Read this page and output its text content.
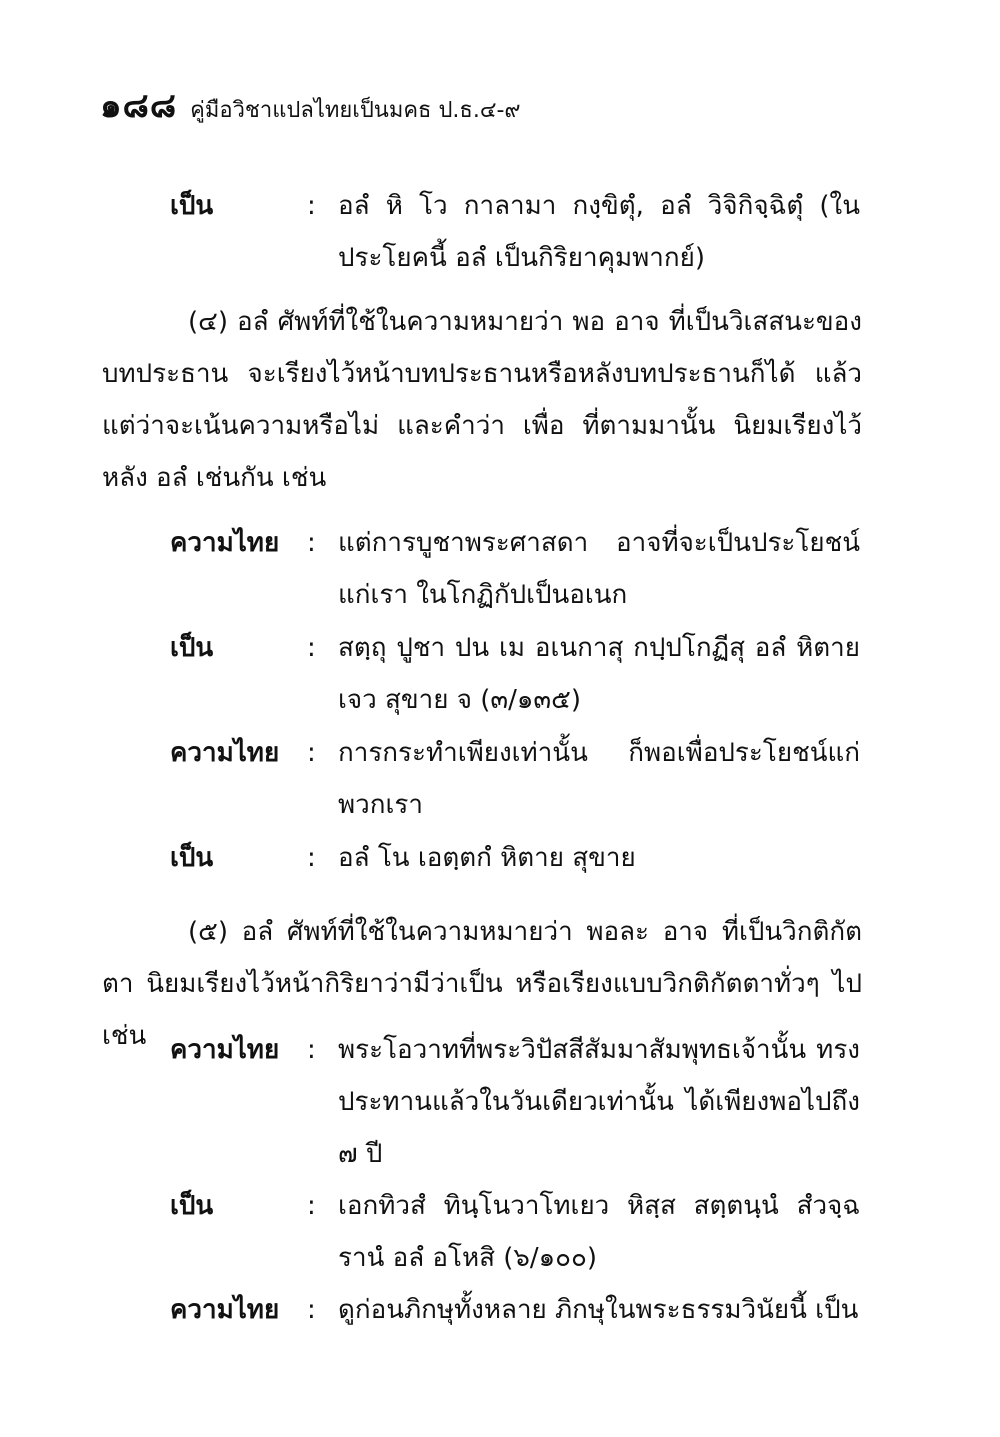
๑๘๘ คู่มือวิชาแปลไทยเป็นมคธ ป.ธ.๔-๙
เป็น	: อลํ หิ โว กาลามา กงฺขิตุํ, อลํ วิจิกิจฺฉิตุํ (ในประโยคนี้ อลํ เป็นกิริยาคุมพากย์)
(๔) อลํ ศัพท์ที่ใช้ในความหมายว่า พอ อาจ ที่เป็นวิเสสนะของบทประธาน จะเรียงไว้หน้าบทประธานหรือหลังบทประธานก็ได้ แล้วแต่ว่าจะเน้นความหรือไม่ และคำว่า เพื่อ ที่ตามมานั้น นิยมเรียงไว้หลัง อลํ เช่นกัน เช่น
ความไทย	: แต่การบูชาพระศาสดา อาจที่จะเป็นประโยชน์แก่เรา ในโกฏิกัปเป็นอเนก
เป็น	: สตฺถุ ปูชา ปน เม อเนกาสุ กปฺปโกฏีสุ อลํ หิตาย เจว สุขาย จ (๓/๑๓๕)
ความไทย	: การกระทำเพียงเท่านั้น ก็พอเพื่อประโยชน์แก่พวกเรา
เป็น	: อลํ โน เอตฺตกํ หิตาย สุขาย
(๕) อลํ ศัพท์ที่ใช้ในความหมายว่า พอละ อาจ ที่เป็นวิกติกัตตา นิยมเรียงไว้หน้ากิริยาว่ามีว่าเป็น หรือเรียงแบบวิกติกัตตาทั่วๆ ไป เช่น ความไทย	: พระโอวาทที่พระวิปัสสีสัมมาสัมพุทธเจ้านั้น ทรงประทานแล้วในวันเดียวเท่านั้น ได้เพียงพอไปถึง ๗ ปี
เป็น	: เอกทิวสํ ทินฺโนวาโทเยว หิสฺส สตฺตนฺนํ สํวจฺฉรานํ อลํ อโหสิ (๖/๑๐๐)
ความไทย	: ดูก่อนภิกษุทั้งหลาย ภิกษุในพระธรรมวินัยนี้ เป็น
